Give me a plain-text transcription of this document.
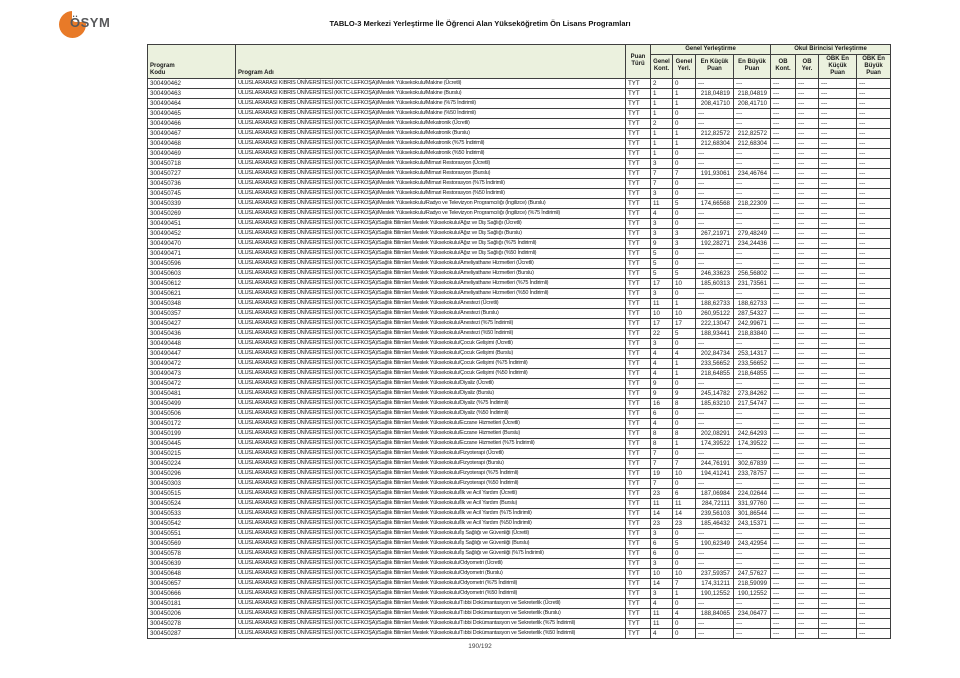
ÖSYM	TABLO-3 Merkezi Yerleştirme İle Öğrenci Alan Yükseköğretim Ön Lisans Programları
Program Kodu	Program Adı	Puan Türü	Genel Yerleştirme				Okul Birincisi Yerleştirme			
			Genel Kont.	Genel Yerl.	En Küçük Puan	En Büyük Puan	OB Kont.	OB Yer.	OBK En Küçük Puan	OBK En Büyük Puan
300490462	ULUSLARARASI KIBRIS ÜNİVERSİTESİ (KKTC-LEFKOŞA)/Meslek Yüksekokulu/Makine (Ücretli)	TYT	2	0	---	---	---	---	---	---
300490463	ULUSLARARASI KIBRIS ÜNİVERSİTESİ (KKTC-LEFKOŞA)/Meslek Yüksekokulu/Makine (Burslu)	TYT	1	1	218,04819	218,04819	---	---	---	---
300490464	ULUSLARARASI KIBRIS ÜNİVERSİTESİ (KKTC-LEFKOŞA)/Meslek Yüksekokulu/Makine (%75 İndirimli)	TYT	1	1	208,41710	208,41710	---	---	---	---
300490465	ULUSLARARASI KIBRIS ÜNİVERSİTESİ (KKTC-LEFKOŞA)/Meslek Yüksekokulu/Makine (%50 İndirimli)	TYT	1	0	---	---	---	---	---	---
300490466	ULUSLARARASI KIBRIS ÜNİVERSİTESİ (KKTC-LEFKOŞA)/Meslek Yüksekokulu/Mekatronik (Ücretli)	TYT	2	0	---	---	---	---	---	---
300490467	ULUSLARARASI KIBRIS ÜNİVERSİTESİ (KKTC-LEFKOŞA)/Meslek Yüksekokulu/Mekatronik (Burslu)	TYT	1	1	212,82572	212,82572	---	---	---	---
300490468	ULUSLARARASI KIBRIS ÜNİVERSİTESİ (KKTC-LEFKOŞA)/Meslek Yüksekokulu/Mekatronik (%75 İndirimli)	TYT	1	1	212,68304	212,68304	---	---	---	---
300490469	ULUSLARARASI KIBRIS ÜNİVERSİTESİ (KKTC-LEFKOŞA)/Meslek Yüksekokulu/Mekatronik (%50 İndirimli)	TYT	1	0	---	---	---	---	---	---
300450718	ULUSLARARASI KIBRIS ÜNİVERSİTESİ (KKTC-LEFKOŞA)/Meslek Yüksekokulu/Mimari Restorasyon (Ücretli)	TYT	3	0	---	---	---	---	---	---
300450727	ULUSLARARASI KIBRIS ÜNİVERSİTESİ (KKTC-LEFKOŞA)/Meslek Yüksekokulu/Mimari Restorasyon (Burslu)	TYT	7	7	191,93061	234,46764	---	---	---	---
300450736	ULUSLARARASI KIBRIS ÜNİVERSİTESİ (KKTC-LEFKOŞA)/Meslek Yüksekokulu/Mimari Restorasyon (%75 İndirimli)	TYT	7	0	---	---	---	---	---	---
300450745	ULUSLARARASI KIBRIS ÜNİVERSİTESİ (KKTC-LEFKOŞA)/Meslek Yüksekokulu/Mimari Restorasyon (%50 İndirimli)	TYT	3	0	---	---	---	---	---	---
300450339	ULUSLARARASI KIBRIS ÜNİVERSİTESİ (KKTC-LEFKOŞA)/Meslek Yüksekokulu/Radyo ve Televizyon Programcılığı (İngilizce) (Burslu)	TYT	11	5	174,66568	218,22309	---	---	---	---
300450269	ULUSLARARASI KIBRIS ÜNİVERSİTESİ (KKTC-LEFKOŞA)/Meslek Yüksekokulu/Radyo ve Televizyon Programcılığı (İngilizce) (%75 İndirimli)	TYT	4	0	---	---	---	---	---	---
300490451	ULUSLARARASI KIBRIS ÜNİVERSİTESİ (KKTC-LEFKOŞA)/Sağlık Bilimleri Meslek Yüksekokulu/Ağız ve Diş Sağlığı (Ücretli)	TYT	3	0	---	---	---	---	---	---
300490452	ULUSLARARASI KIBRIS ÜNİVERSİTESİ (KKTC-LEFKOŞA)/Sağlık Bilimleri Meslek Yüksekokulu/Ağız ve Diş Sağlığı (Burslu)	TYT	3	3	267,21971	279,48249	---	---	---	---
300490470	ULUSLARARASI KIBRIS ÜNİVERSİTESİ (KKTC-LEFKOŞA)/Sağlık Bilimleri Meslek Yüksekokulu/Ağız ve Diş Sağlığı (%75 İndirimli)	TYT	9	3	192,28271	234,24436	---	---	---	---
300490471	ULUSLARARASI KIBRIS ÜNİVERSİTESİ (KKTC-LEFKOŞA)/Sağlık Bilimleri Meslek Yüksekokulu/Ağız ve Diş Sağlığı (%50 İndirimli)	TYT	5	0	---	---	---	---	---	---
300450596	ULUSLARARASI KIBRIS ÜNİVERSİTESİ (KKTC-LEFKOŞA)/Sağlık Bilimleri Meslek Yüksekokulu/Ameliyathane Hizmetleri (Ücretli)	TYT	5	0	---	---	---	---	---	---
300450603	ULUSLARARASI KIBRIS ÜNİVERSİTESİ (KKTC-LEFKOŞA)/Sağlık Bilimleri Meslek Yüksekokulu/Ameliyathane Hizmetleri (Burslu)	TYT	5	5	246,33623	256,56802	---	---	---	---
300450612	ULUSLARARASI KIBRIS ÜNİVERSİTESİ (KKTC-LEFKOŞA)/Sağlık Bilimleri Meslek Yüksekokulu/Ameliyathane Hizmetleri (%75 İndirimli)	TYT	17	10	185,60313	231,73561	---	---	---	---
300450621	ULUSLARARASI KIBRIS ÜNİVERSİTESİ (KKTC-LEFKOŞA)/Sağlık Bilimleri Meslek Yüksekokulu/Ameliyathane Hizmetleri (%50 İndirimli)	TYT	3	0	---	---	---	---	---	---
300450348	ULUSLARARASI KIBRIS ÜNİVERSİTESİ (KKTC-LEFKOŞA)/Sağlık Bilimleri Meslek Yüksekokulu/Anestezi (Ücretli)	TYT	11	1	188,62733	188,62733	---	---	---	---
300450357	ULUSLARARASI KIBRIS ÜNİVERSİTESİ (KKTC-LEFKOŞA)/Sağlık Bilimleri Meslek Yüksekokulu/Anestezi (Burslu)	TYT	10	10	260,95122	287,54327	---	---	---	---
300450427	ULUSLARARASI KIBRIS ÜNİVERSİTESİ (KKTC-LEFKOŞA)/Sağlık Bilimleri Meslek Yüksekokulu/Anestezi (%75 İndirimli)	TYT	17	17	222,13047	242,99671	---	---	---	---
300450436	ULUSLARARASI KIBRIS ÜNİVERSİTESİ (KKTC-LEFKOŞA)/Sağlık Bilimleri Meslek Yüksekokulu/Anestezi (%50 İndirimli)	TYT	22	5	188,93441	218,83840	---	---	---	---
300490448	ULUSLARARASI KIBRIS ÜNİVERSİTESİ (KKTC-LEFKOŞA)/Sağlık Bilimleri Meslek Yüksekokulu/Çocuk Gelişimi (Ücretli)	TYT	3	0	---	---	---	---	---	---
300490447	ULUSLARARASI KIBRIS ÜNİVERSİTESİ (KKTC-LEFKOŞA)/Sağlık Bilimleri Meslek Yüksekokulu/Çocuk Gelişimi (Burslu)	TYT	4	4	202,84734	253,14317	---	---	---	---
300490472	ULUSLARARASI KIBRIS ÜNİVERSİTESİ (KKTC-LEFKOŞA)/Sağlık Bilimleri Meslek Yüksekokulu/Çocuk Gelişimi (%75 İndirimli)	TYT	4	1	233,56652	233,56652	---	---	---	---
300490473	ULUSLARARASI KIBRIS ÜNİVERSİTESİ (KKTC-LEFKOŞA)/Sağlık Bilimleri Meslek Yüksekokulu/Çocuk Gelişimi (%50 İndirimli)	TYT	4	1	218,64855	218,64855	---	---	---	---
300450472	ULUSLARARASI KIBRIS ÜNİVERSİTESİ (KKTC-LEFKOŞA)/Sağlık Bilimleri Meslek Yüksekokulu/Diyaliz (Ücretli)	TYT	9	0	---	---	---	---	---	---
300450481	ULUSLARARASI KIBRIS ÜNİVERSİTESİ (KKTC-LEFKOŞA)/Sağlık Bilimleri Meslek Yüksekokulu/Diyaliz (Burslu)	TYT	9	9	245,14782	273,84262	---	---	---	---
300450499	ULUSLARARASI KIBRIS ÜNİVERSİTESİ (KKTC-LEFKOŞA)/Sağlık Bilimleri Meslek Yüksekokulu/Diyaliz (%75 İndirimli)	TYT	16	8	185,63210	217,54747	---	---	---	---
300450506	ULUSLARARASI KIBRIS ÜNİVERSİTESİ (KKTC-LEFKOŞA)/Sağlık Bilimleri Meslek Yüksekokulu/Diyaliz (%50 İndirimli)	TYT	6	0	---	---	---	---	---	---
300450172	ULUSLARARASI KIBRIS ÜNİVERSİTESİ (KKTC-LEFKOŞA)/Sağlık Bilimleri Meslek Yüksekokulu/Eczane Hizmetleri (Ücretli)	TYT	4	0	---	---	---	---	---	---
300450199	ULUSLARARASI KIBRIS ÜNİVERSİTESİ (KKTC-LEFKOŞA)/Sağlık Bilimleri Meslek Yüksekokulu/Eczane Hizmetleri (Burslu)	TYT	8	8	202,08291	242,64293	---	---	---	---
300450445	ULUSLARARASI KIBRIS ÜNİVERSİTESİ (KKTC-LEFKOŞA)/Sağlık Bilimleri Meslek Yüksekokulu/Eczane Hizmetleri (%75 İndirimli)	TYT	8	1	174,39522	174,39522	---	---	---	---
300450215	ULUSLARARASI KIBRIS ÜNİVERSİTESİ (KKTC-LEFKOŞA)/Sağlık Bilimleri Meslek Yüksekokulu/Fizyoterapi (Ücretli)	TYT	7	0	---	---	---	---	---	---
300450224	ULUSLARARASI KIBRIS ÜNİVERSİTESİ (KKTC-LEFKOŞA)/Sağlık Bilimleri Meslek Yüksekokulu/Fizyoterapi (Burslu)	TYT	7	7	244,76191	302,67839	---	---	---	---
300450296	ULUSLARARASI KIBRIS ÜNİVERSİTESİ (KKTC-LEFKOŞA)/Sağlık Bilimleri Meslek Yüksekokulu/Fizyoterapi (%75 İndirimli)	TYT	19	10	194,41241	233,78757	---	---	---	---
300450303	ULUSLARARASI KIBRIS ÜNİVERSİTESİ (KKTC-LEFKOŞA)/Sağlık Bilimleri Meslek Yüksekokulu/Fizyoterapi (%50 İndirimli)	TYT	7	0	---	---	---	---	---	---
300450515	ULUSLARARASI KIBRIS ÜNİVERSİTESİ (KKTC-LEFKOŞA)/Sağlık Bilimleri Meslek Yüksekokulu/İlk ve Acil Yardım (Ücretli)	TYT	23	6	187,06984	224,02644	---	---	---	---
300450524	ULUSLARARASI KIBRIS ÜNİVERSİTESİ (KKTC-LEFKOŞA)/Sağlık Bilimleri Meslek Yüksekokulu/İlk ve Acil Yardım (Burslu)	TYT	11	11	284,72111	331,97760	---	---	---	---
300450533	ULUSLARARASI KIBRIS ÜNİVERSİTESİ (KKTC-LEFKOŞA)/Sağlık Bilimleri Meslek Yüksekokulu/İlk ve Acil Yardım (%75 İndirimli)	TYT	14	14	239,56103	301,86544	---	---	---	---
300450542	ULUSLARARASI KIBRIS ÜNİVERSİTESİ (KKTC-LEFKOŞA)/Sağlık Bilimleri Meslek Yüksekokulu/İlk ve Acil Yardım (%50 İndirimli)	TYT	23	23	185,46432	243,15371	---	---	---	---
300450551	ULUSLARARASI KIBRIS ÜNİVERSİTESİ (KKTC-LEFKOŞA)/Sağlık Bilimleri Meslek Yüksekokulu/İş Sağlığı ve Güvenliği (Ücretli)	TYT	3	0	---	---	---	---	---	---
300450569	ULUSLARARASI KIBRIS ÜNİVERSİTESİ (KKTC-LEFKOŞA)/Sağlık Bilimleri Meslek Yüksekokulu/İş Sağlığı ve Güvenliği (Burslu)	TYT	6	5	190,62349	243,42954	---	---	---	---
300450578	ULUSLARARASI KIBRIS ÜNİVERSİTESİ (KKTC-LEFKOŞA)/Sağlık Bilimleri Meslek Yüksekokulu/İş Sağlığı ve Güvenliği (%75 İndirimli)	TYT	6	0	---	---	---	---	---	---
300450639	ULUSLARARASI KIBRIS ÜNİVERSİTESİ (KKTC-LEFKOŞA)/Sağlık Bilimleri Meslek Yüksekokulu/Odyometri (Ücretli)	TYT	3	0	---	---	---	---	---	---
300450648	ULUSLARARASI KIBRIS ÜNİVERSİTESİ (KKTC-LEFKOŞA)/Sağlık Bilimleri Meslek Yüksekokulu/Odyometri (Burslu)	TYT	10	10	237,59357	247,57627	---	---	---	---
300450657	ULUSLARARASI KIBRIS ÜNİVERSİTESİ (KKTC-LEFKOŞA)/Sağlık Bilimleri Meslek Yüksekokulu/Odyometri (%75 İndirimli)	TYT	14	7	174,31211	218,59099	---	---	---	---
300450666	ULUSLARARASI KIBRIS ÜNİVERSİTESİ (KKTC-LEFKOŞA)/Sağlık Bilimleri Meslek Yüksekokulu/Odyometri (%50 İndirimli)	TYT	3	1	190,12552	190,12552	---	---	---	---
300450181	ULUSLARARASI KIBRIS ÜNİVERSİTESİ (KKTC-LEFKOŞA)/Sağlık Bilimleri Meslek Yüksekokulu/Tıbbi Dokümantasyon ve Sekreterlik (Ücretli)	TYT	4	0	---	---	---	---	---	---
300450206	ULUSLARARASI KIBRIS ÜNİVERSİTESİ (KKTC-LEFKOŞA)/Sağlık Bilimleri Meslek Yüksekokulu/Tıbbi Dokümantasyon ve Sekreterlik (Burslu)	TYT	11	4	188,84065	234,06477	---	---	---	---
300450278	ULUSLARARASI KIBRIS ÜNİVERSİTESİ (KKTC-LEFKOŞA)/Sağlık Bilimleri Meslek Yüksekokulu/Tıbbi Dokümantasyon ve Sekreterlik (%75 İndirimli)	TYT	11	0	---	---	---	---	---	---
300450287	ULUSLARARASI KIBRIS ÜNİVERSİTESİ (KKTC-LEFKOŞA)/Sağlık Bilimleri Meslek Yüksekokulu/Tıbbi Dokümantasyon ve Sekreterlik (%50 İndirimli)	TYT	4	0	---	---	---	---	---	---
190/192
